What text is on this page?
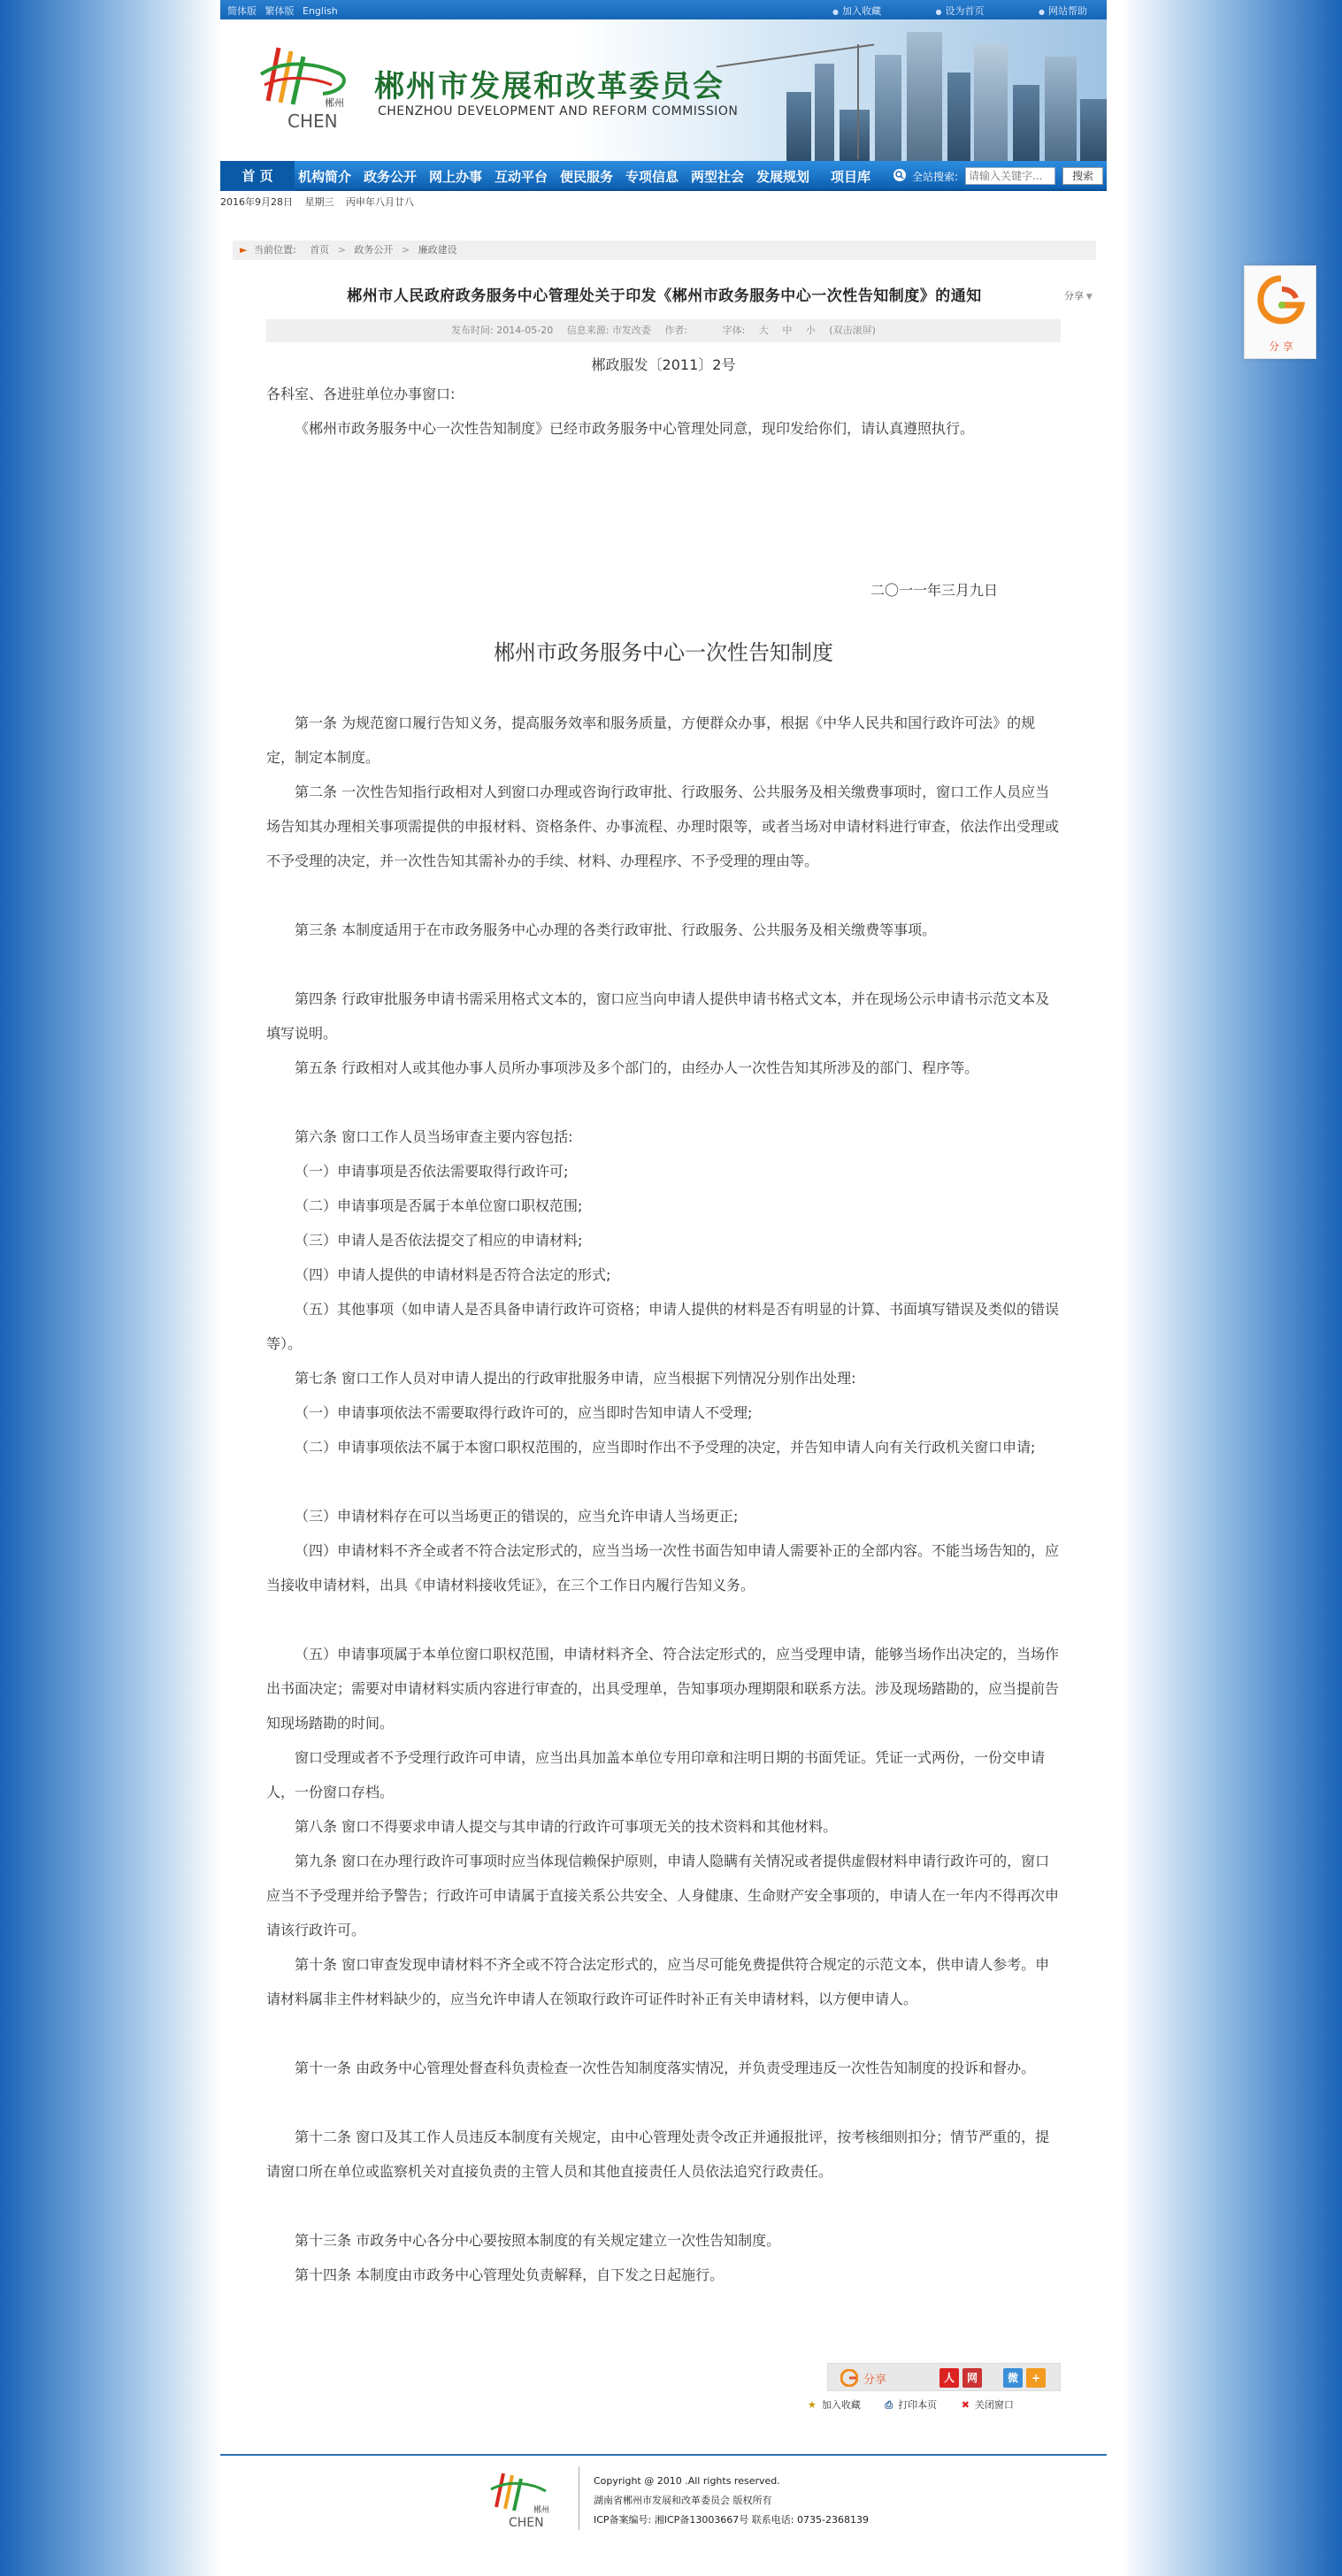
简体版 繁体版 English	● 加入收藏	● 设为首页	● 网站帮助
郴州
CHEN
郴州市发展和改革委员会
CHENZHOU DEVELOPMENT AND REFORM COMMISSION
首 页	机构简介 政务公开 网上办事 互动平台 便民服务 专项信息 两型社会 发展规划 项目库	全站搜索:
请输入关键字...	搜索
2016年9月28日 星期三 丙申年八月廿八
► 当前位置: 首页 > 政务公开 > 廉政建设
郴州市人民政府政务服务中心管理处关于印发《郴州市政务服务中心一次性告知制度》的通知	分享 ▼
发布时间: 2014-05-20 信息来源: 市发改委 作者:	字体: 大 中 小 (双击滚屏)
郴政服发〔2011〕2号
各科室、各进驻单位办事窗口:
《郴州市政务服务中心一次性告知制度》已经市政务服务中心管理处同意，现印发给你们，请认真遵照执行。
二〇一一年三月九日
郴州市政务服务中心一次性告知制度
第一条 为规范窗口履行告知义务，提高服务效率和服务质量，方便群众办事，根据《中华人民共和国行政许可法》的规定，制定本制度。
第二条 一次性告知指行政相对人到窗口办理或咨询行政审批、行政服务、公共服务及相关缴费事项时，窗口工作人员应当场告知其办理相关事项需提供的申报材料、资格条件、办事流程、办理时限等，或者当场对申请材料进行审查，依法作出受理或不予受理的决定，并一次性告知其需补办的手续、材料、办理程序、不予受理的理由等。
第三条 本制度适用于在市政务服务中心办理的各类行政审批、行政服务、公共服务及相关缴费等事项。
第四条 行政审批服务申请书需采用格式文本的，窗口应当向申请人提供申请书格式文本，并在现场公示申请书示范文本及填写说明。
第五条 行政相对人或其他办事人员所办事项涉及多个部门的，由经办人一次性告知其所涉及的部门、程序等。
第六条 窗口工作人员当场审查主要内容包括:
（一）申请事项是否依法需要取得行政许可;
（二）申请事项是否属于本单位窗口职权范围;
（三）申请人是否依法提交了相应的申请材料;
（四）申请人提供的申请材料是否符合法定的形式;
（五）其他事项（如申请人是否具备申请行政许可资格；申请人提供的材料是否有明显的计算、书面填写错误及类似的错误等）。
第七条 窗口工作人员对申请人提出的行政审批服务申请，应当根据下列情况分别作出处理:
（一）申请事项依法不需要取得行政许可的，应当即时告知申请人不受理;
（二）申请事项依法不属于本窗口职权范围的，应当即时作出不予受理的决定，并告知申请人向有关行政机关窗口申请;
（三）申请材料存在可以当场更正的错误的，应当允许申请人当场更正;
（四）申请材料不齐全或者不符合法定形式的，应当当场一次性书面告知申请人需要补正的全部内容。不能当场告知的，应当接收申请材料，出具《申请材料接收凭证》，在三个工作日内履行告知义务。
（五）申请事项属于本单位窗口职权范围，申请材料齐全、符合法定形式的，应当受理申请，能够当场作出决定的，当场作出书面决定；需要对申请材料实质内容进行审查的，出具受理单，告知事项办理期限和联系方法。涉及现场踏勘的，应当提前告知现场踏勘的时间。
窗口受理或者不予受理行政许可申请，应当出具加盖本单位专用印章和注明日期的书面凭证。凭证一式两份，一份交申请人，一份窗口存档。
第八条 窗口不得要求申请人提交与其申请的行政许可事项无关的技术资料和其他材料。
第九条 窗口在办理行政许可事项时应当体现信赖保护原则，申请人隐瞒有关情况或者提供虚假材料申请行政许可的，窗口应当不予受理并给予警告；行政许可申请属于直接关系公共安全、人身健康、生命财产安全事项的，申请人在一年内不得再次申请该行政许可。
第十条 窗口审查发现申请材料不齐全或不符合法定形式的，应当尽可能免费提供符合规定的示范文本，供申请人参考。申请材料属非主件材料缺少的，应当允许申请人在领取行政许可证件时补正有关申请材料，以方便申请人。
第十一条 由政务中心管理处督查科负责检查一次性告知制度落实情况，并负责受理违反一次性告知制度的投诉和督办。
第十二条 窗口及其工作人员违反本制度有关规定，由中心管理处责令改正并通报批评，按考核细则扣分；情节严重的，提请窗口所在单位或监察机关对直接负责的主管人员和其他直接责任人员依法追究行政责任。
第十三条 市政务中心各分中心要按照本制度的有关规定建立一次性告知制度。
第十四条 本制度由市政务中心管理处负责解释，自下发之日起施行。
分享	人	网	微	+
★ 加入收藏	⎙ 打印本页	✖ 关闭窗口
郴州
CHEN
Copyright @ 2010 .All rights reserved.
湖南省郴州市发展和改革委员会 版权所有
ICP备案编号: 湘ICP备13003667号 联系电话: 0735-2368139
分 享
